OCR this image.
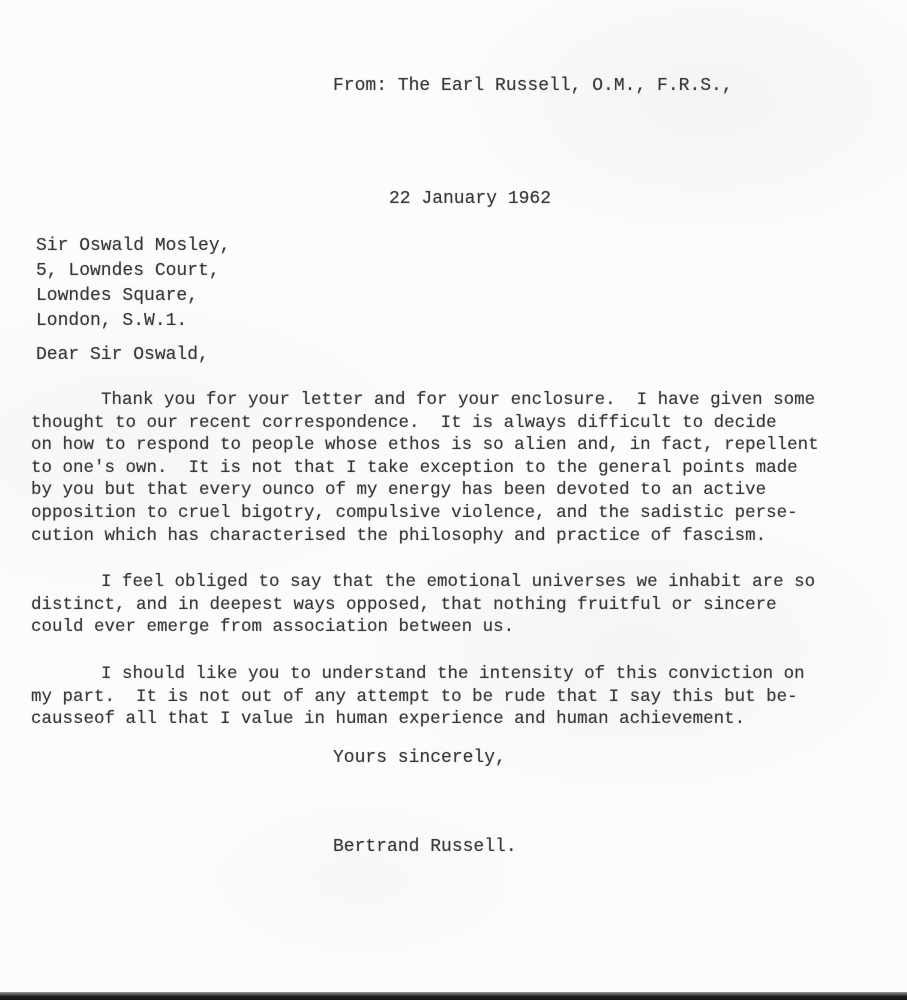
From: The Earl Russell, O.M., F.R.S.,
22 January 1962
Sir Oswald Mosley,
5, Lowndes Court,
Lowndes Square,
London, S.W.1.
Dear Sir Oswald,
Thank you for your letter and for your enclosure.  I have given some
thought to our recent correspondence.  It is always difficult to decide
on how to respond to people whose ethos is so alien and, in fact, repellent
to one's own.  It is not that I take exception to the general points made
by you but that every ounco of my energy has been devoted to an active
opposition to cruel bigotry, compulsive violence, and the sadistic perse-
cution which has characterised the philosophy and practice of fascism.
I feel obliged to say that the emotional universes we inhabit are so
distinct, and in deepest ways opposed, that nothing fruitful or sincere
could ever emerge from association between us.
I should like you to understand the intensity of this conviction on
my part.  It is not out of any attempt to be rude that I say this but be-
causseof all that I value in human experience and human achievement.
Yours sincerely,
Bertrand Russell.
